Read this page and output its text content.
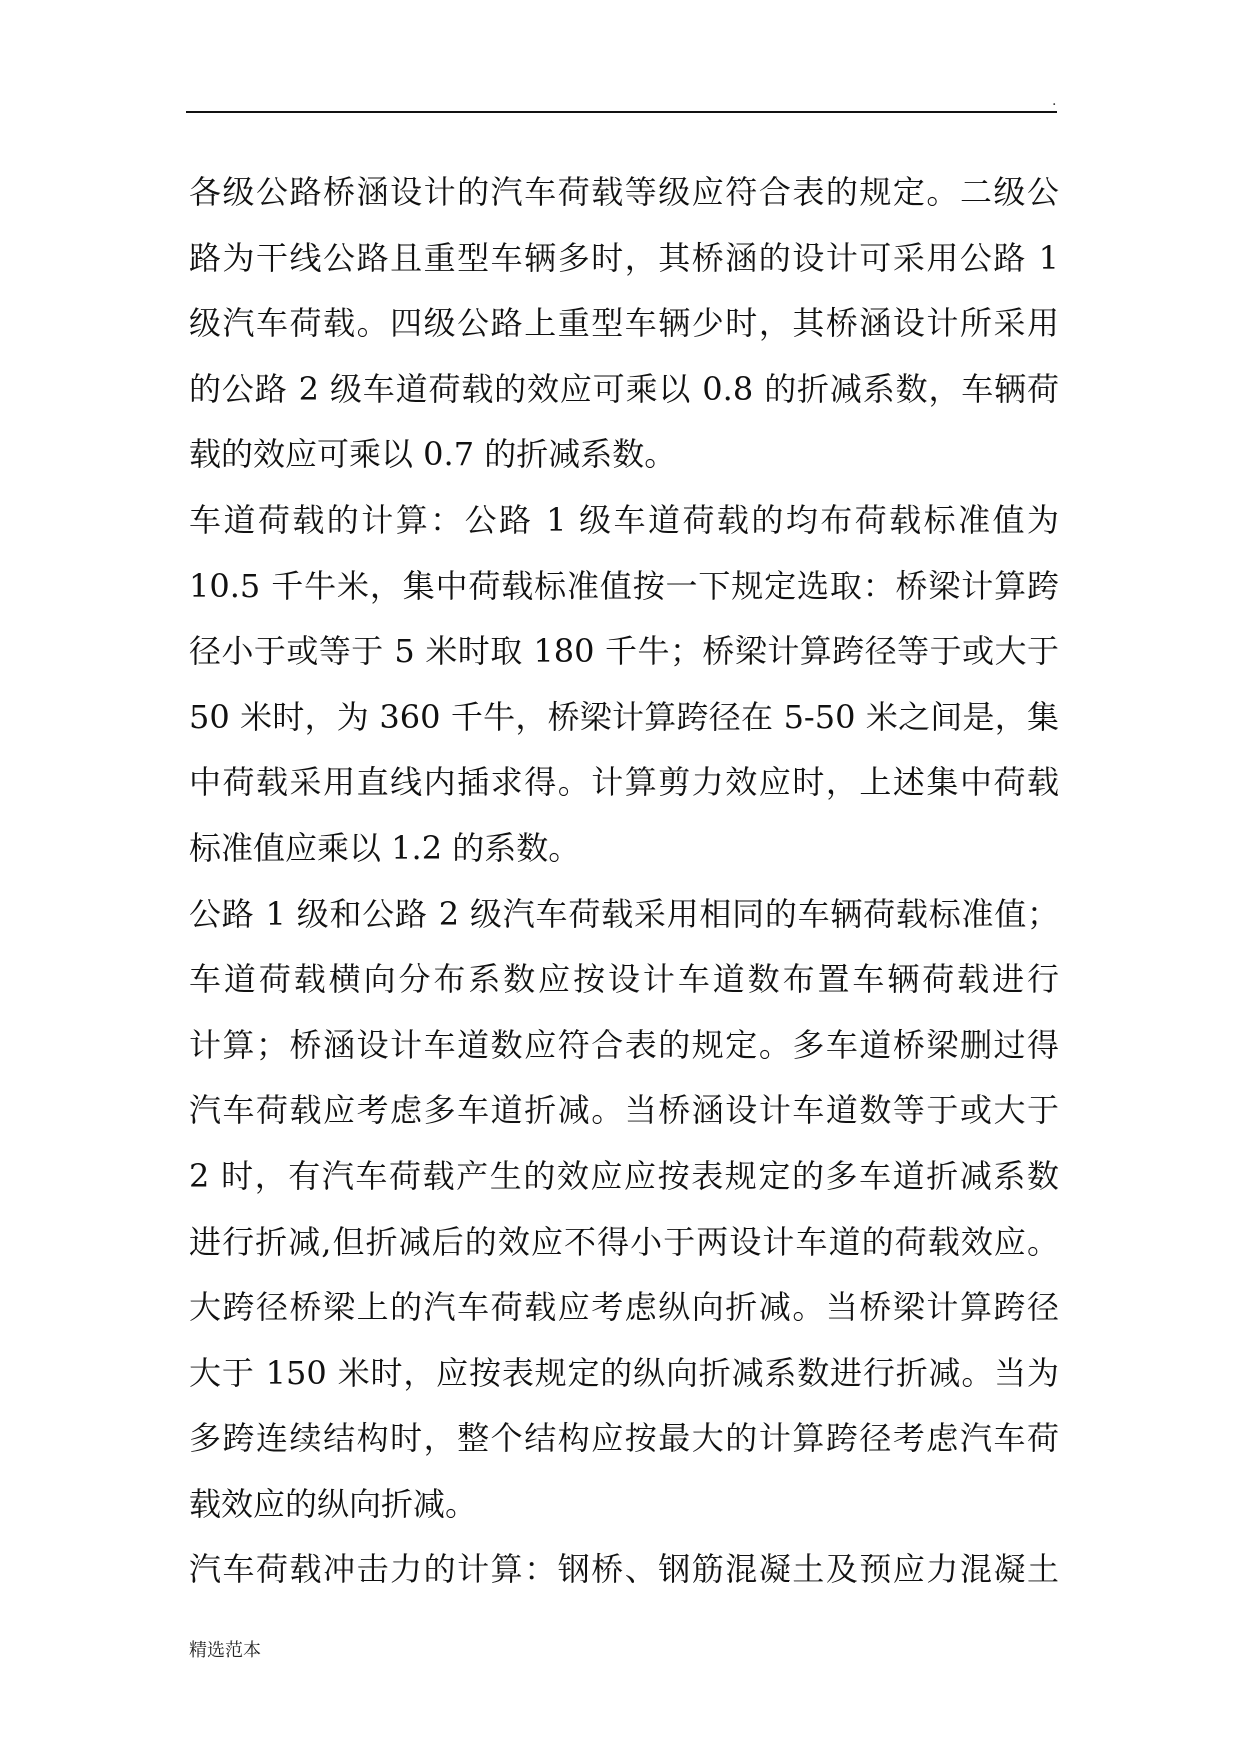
.
各级公路桥涵设计的汽车荷载等级应符合表的规定。二级公
路为干线公路且重型车辆多时，其桥涵的设计可采用公路 1
级汽车荷载。四级公路上重型车辆少时，其桥涵设计所采用
的公路 2 级车道荷载的效应可乘以 0.8 的折减系数，车辆荷
载的效应可乘以 0.7 的折减系数。
车道荷载的计算：公路 1 级车道荷载的均布荷载标准值为
10.5 千牛米，集中荷载标准值按一下规定选取：桥梁计算跨
径小于或等于 5 米时取 180 千牛；桥梁计算跨径等于或大于
50 米时，为 360 千牛，桥梁计算跨径在 5-50 米之间是，集
中荷载采用直线内插求得。计算剪力效应时，上述集中荷载
标准值应乘以 1.2 的系数。
公路 1 级和公路 2 级汽车荷载采用相同的车辆荷载标准值；
车道荷载横向分布系数应按设计车道数布置车辆荷载进行
计算；桥涵设计车道数应符合表的规定。多车道桥梁删过得
汽车荷载应考虑多车道折减。当桥涵设计车道数等于或大于
2 时，有汽车荷载产生的效应应按表规定的多车道折减系数
进行折减,但折减后的效应不得小于两设计车道的荷载效应。
大跨径桥梁上的汽车荷载应考虑纵向折减。当桥梁计算跨径
大于 150 米时，应按表规定的纵向折减系数进行折减。当为
多跨连续结构时，整个结构应按最大的计算跨径考虑汽车荷
载效应的纵向折减。
汽车荷载冲击力的计算：钢桥、钢筋混凝土及预应力混凝土
精选范本
